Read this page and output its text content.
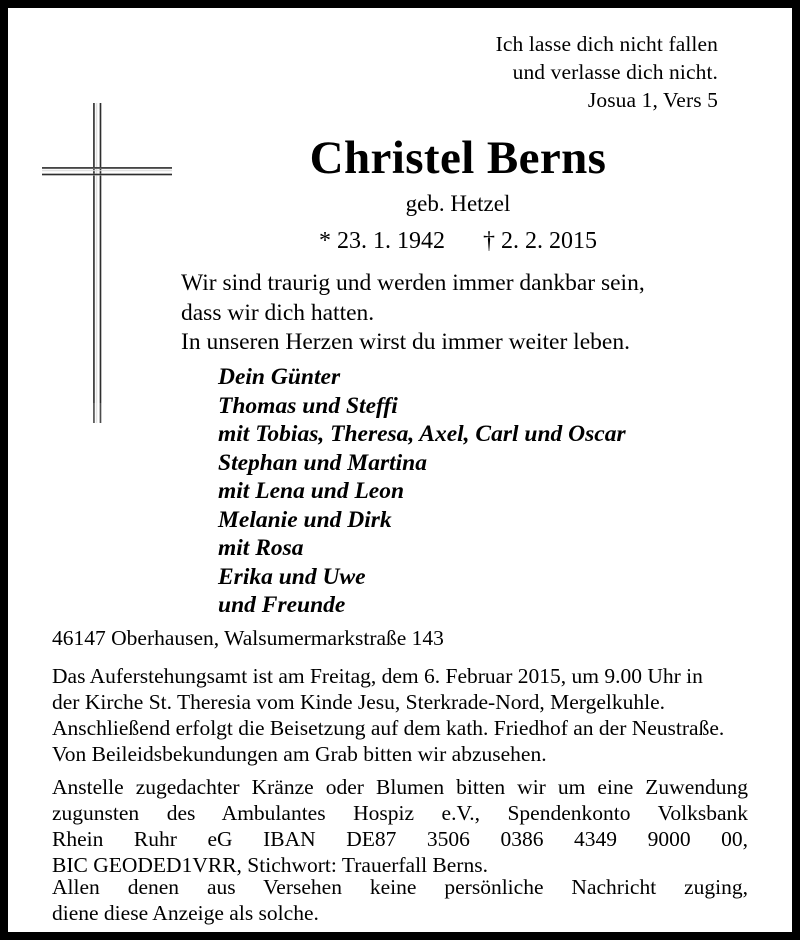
Ich lasse dich nicht fallen
und verlasse dich nicht.
Josua 1, Vers 5
Christel Berns
geb. Hetzel
* 23. 1. 1942 † 2. 2. 2015
Wir sind traurig und werden immer dankbar sein,
dass wir dich hatten.
In unseren Herzen wirst du immer weiter leben.
Dein Günter
Thomas und Steffi
mit Tobias, Theresa, Axel, Carl und Oscar
Stephan und Martina
mit Lena und Leon
Melanie und Dirk
mit Rosa
Erika und Uwe
und Freunde
46147 Oberhausen, Walsumermarkstraße 143
Das Auferstehungsamt ist am Freitag, dem 6. Februar 2015, um 9.00 Uhr in
der Kirche St. Theresia vom Kinde Jesu, Sterkrade-Nord, Mergelkuhle.
Anschließend erfolgt die Beisetzung auf dem kath. Friedhof an der Neustraße.
Von Beileidsbekundungen am Grab bitten wir abzusehen.
Anstelle zugedachter Kränze oder Blumen bitten wir um eine Zuwendung
zugunsten des Ambulantes Hospiz e.V., Spendenkonto Volksbank
Rhein Ruhr eG IBAN DE87 3506 0386 4349 9000 00,
BIC GEODED1VRR, Stichwort: Trauerfall Berns.
Allen denen aus Versehen keine persönliche Nachricht zuging,
diene diese Anzeige als solche.
